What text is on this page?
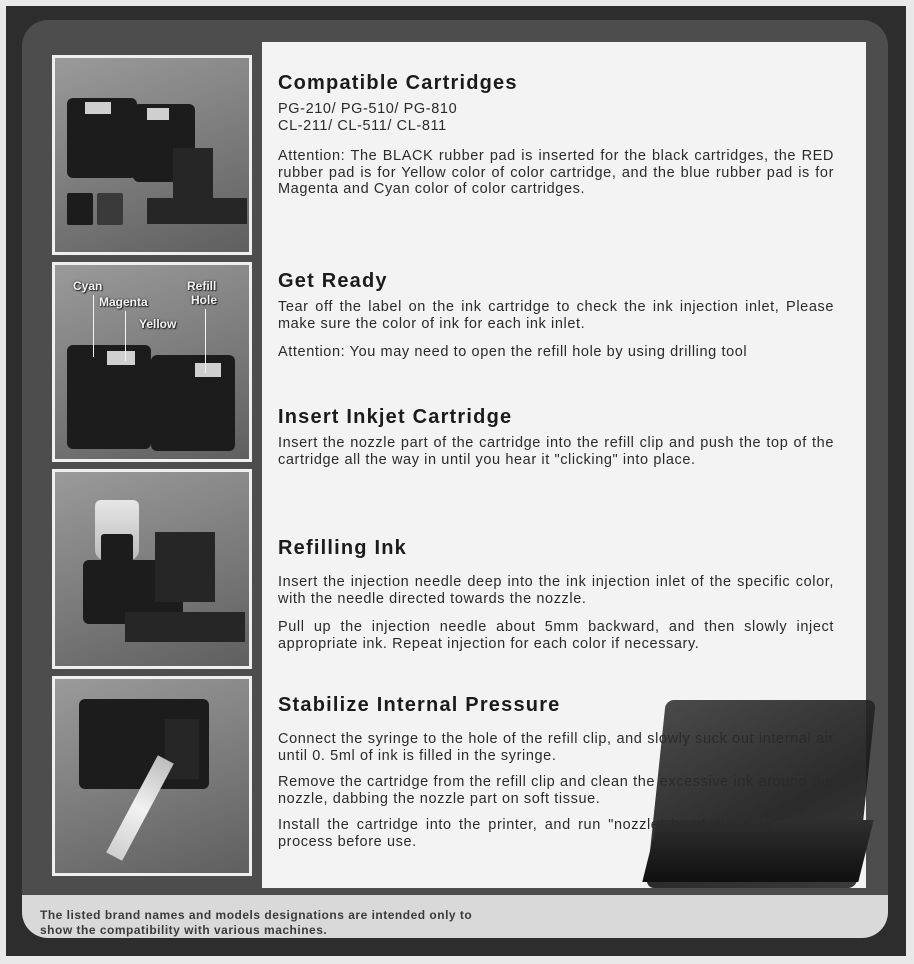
Cyan
Magenta
Yellow
Refill
Hole
Compatible Cartridges

PG-210/ PG-510/ PG-810

CL-211/ CL-511/ CL-811

Attention: The BLACK rubber pad is inserted for the black cartridges, the RED rubber pad is for Yellow color of color cartridge, and the blue rubber pad is for Magenta and Cyan color of color cartridges.

Get Ready

Tear off the label on the ink cartridge to check the ink injection inlet, Please make sure the color of ink for each ink inlet.

Attention: You may need to open the refill hole by using drilling tool

Insert Inkjet Cartridge

Insert the nozzle part of the cartridge into the refill clip and push the top of the cartridge all the way in until you hear it "clicking" into place.

Refilling Ink

Insert the injection needle deep into the ink injection inlet of the specific color, with the needle directed towards the nozzle.

Pull up the injection needle about 5mm backward, and then slowly inject appropriate ink. Repeat injection for each color if necessary.

Stabilize Internal Pressure

Connect the syringe to the hole of the refill clip, and slowly suck out internal air until 0. 5ml of ink is filled in the syringe.

Remove the cartridge from the refill clip and clean the excessive ink around the nozzle, dabbing the nozzle part on soft tissue.

Install the cartridge into the printer, and run "nozzle/ head cleaning" process before use.

The listed brand names and models designations are intended only to
show the compatibility with various machines.
